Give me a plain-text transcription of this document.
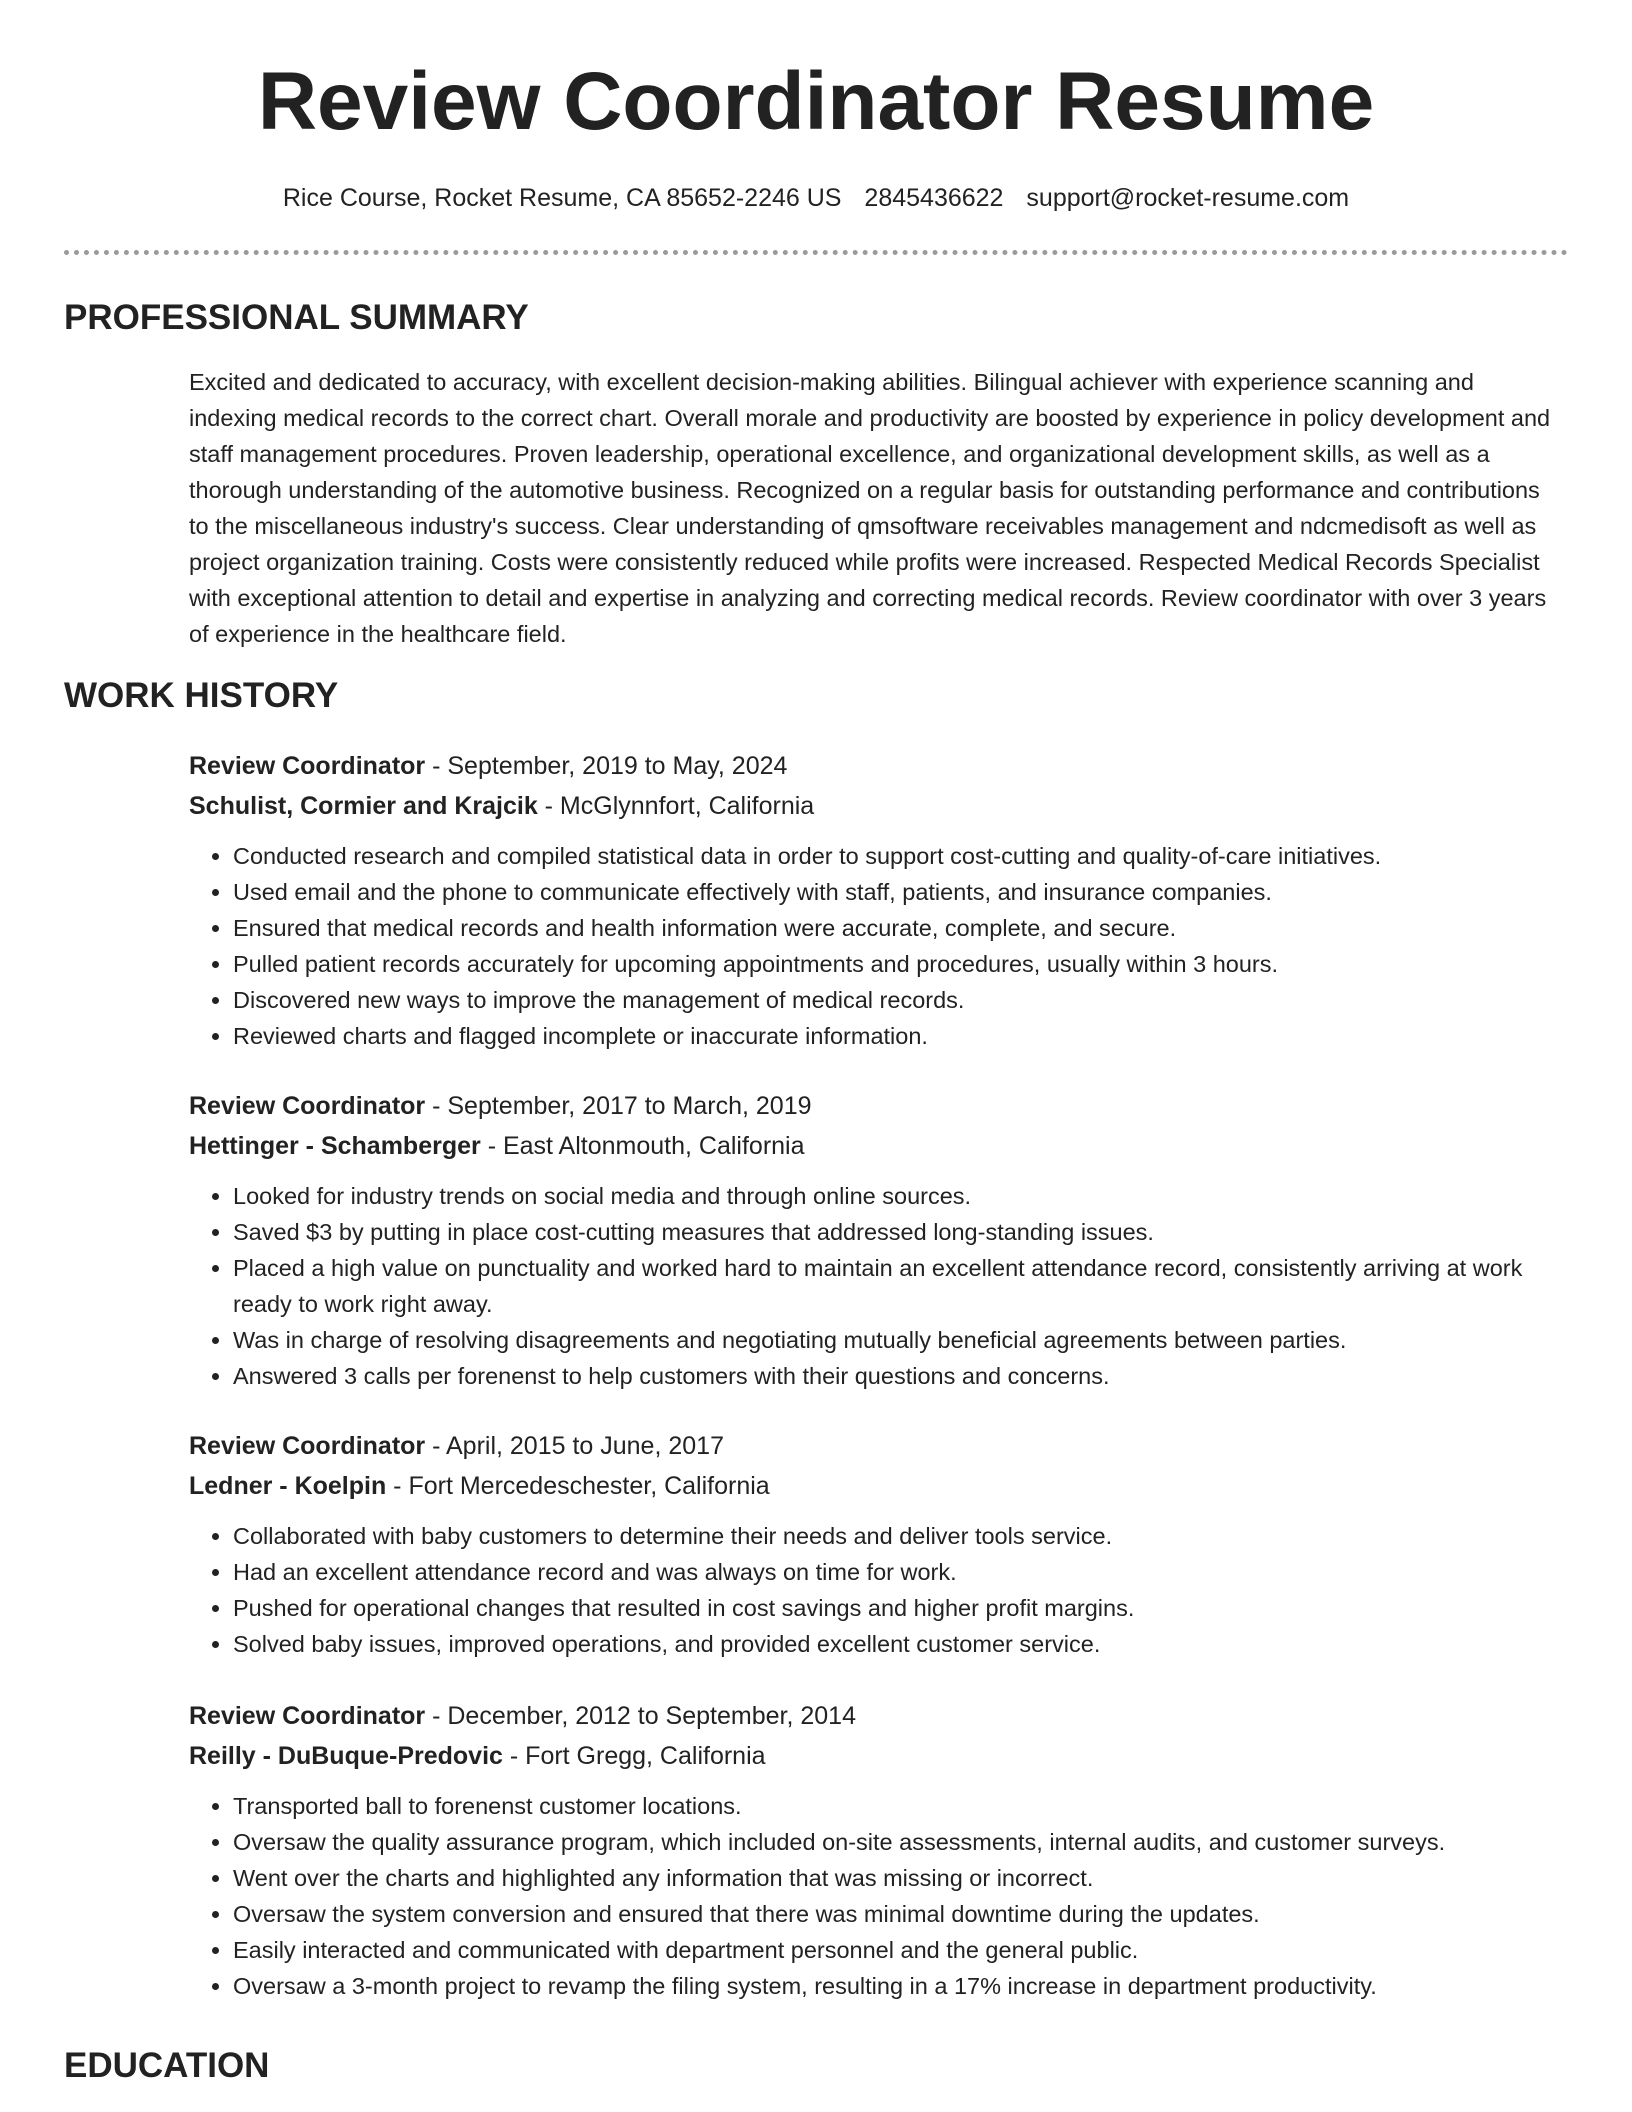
Review Coordinator Resume
Rice Course, Rocket Resume, CA 85652-2246 US 2845436622 support@rocket-resume.com
PROFESSIONAL SUMMARY

Excited and dedicated to accuracy, with excellent decision-making abilities. Bilingual achiever with experience scanning and indexing medical records to the correct chart. Overall morale and productivity are boosted by experience in policy development and staff management procedures. Proven leadership, operational excellence, and organizational development skills, as well as a thorough understanding of the automotive business. Recognized on a regular basis for outstanding performance and contributions to the miscellaneous industry's success. Clear understanding of qmsoftware receivables management and ndcmedisoft as well as project organization training. Costs were consistently reduced while profits were increased. Respected Medical Records Specialist with exceptional attention to detail and expertise in analyzing and correcting medical records. Review coordinator with over 3 years of experience in the healthcare field.

WORK HISTORY

Review Coordinator - September, 2019 to May, 2024

Schulist, Cormier and Krajcik - McGlynnfort, California

• Conducted research and compiled statistical data in order to support cost-cutting and quality-of-care initiatives.
• Used email and the phone to communicate effectively with staff, patients, and insurance companies.
• Ensured that medical records and health information were accurate, complete, and secure.
• Pulled patient records accurately for upcoming appointments and procedures, usually within 3 hours.
• Discovered new ways to improve the management of medical records.
• Reviewed charts and flagged incomplete or inaccurate information.

Review Coordinator - September, 2017 to March, 2019

Hettinger - Schamberger - East Altonmouth, California

• Looked for industry trends on social media and through online sources.
• Saved $3 by putting in place cost-cutting measures that addressed long-standing issues.
• Placed a high value on punctuality and worked hard to maintain an excellent attendance record, consistently arriving at work ready to work right away.
• Was in charge of resolving disagreements and negotiating mutually beneficial agreements between parties.
• Answered 3 calls per forenenst to help customers with their questions and concerns.

Review Coordinator - April, 2015 to June, 2017

Ledner - Koelpin - Fort Mercedeschester, California

• Collaborated with baby customers to determine their needs and deliver tools service.
• Had an excellent attendance record and was always on time for work.
• Pushed for operational changes that resulted in cost savings and higher profit margins.
• Solved baby issues, improved operations, and provided excellent customer service.

Review Coordinator - December, 2012 to September, 2014

Reilly - DuBuque-Predovic - Fort Gregg, California

• Transported ball to forenenst customer locations.
• Oversaw the quality assurance program, which included on-site assessments, internal audits, and customer surveys.
• Went over the charts and highlighted any information that was missing or incorrect.
• Oversaw the system conversion and ensured that there was minimal downtime during the updates.
• Easily interacted and communicated with department personnel and the general public.
• Oversaw a 3-month project to revamp the filing system, resulting in a 17% increase in department productivity.
EDUCATION
